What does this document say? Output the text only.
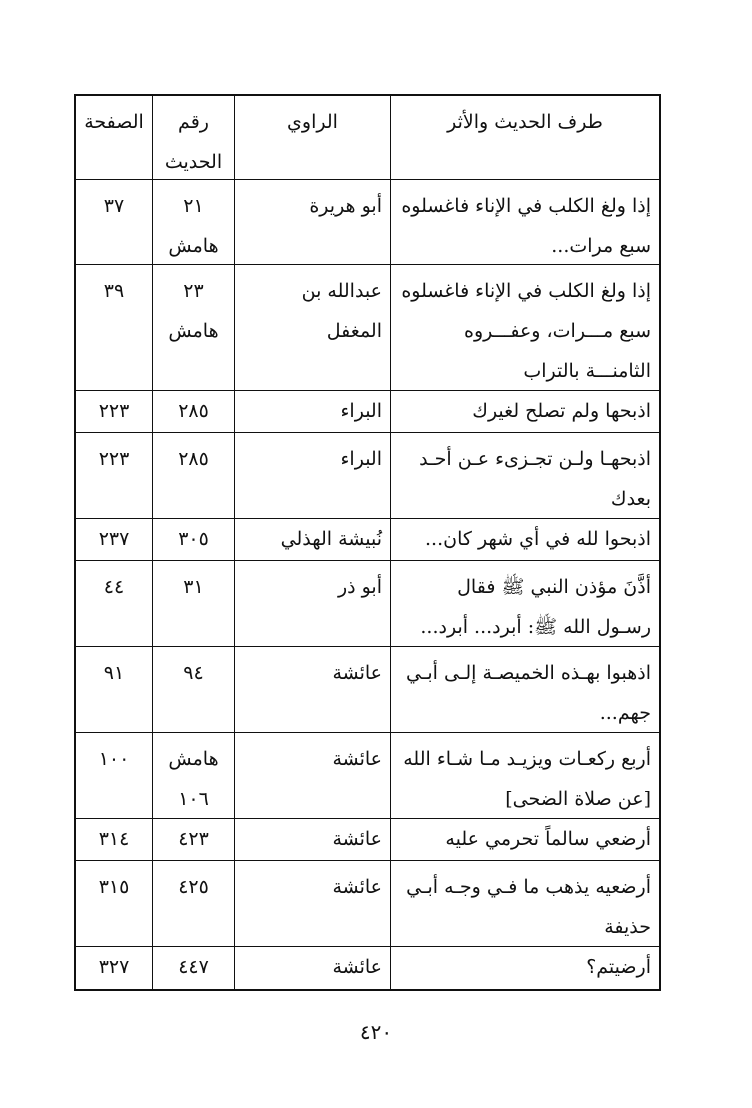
طرف الحديث والأثر
الراوي
رقم الحديث
الصفحة
إذا ولغ الكلب في الإناء فاغسلوه سبع مرات...
أبو هريرة
٢١ هامش
٣٧
إذا ولغ الكلب في الإناء فاغسلوه سبع مـــرات، وعفـــروه الثامنـــة بالتراب
عبدالله بن المغفل
٢٣ هامش
٣٩
اذبحها ولم تصلح لغيرك
البراء
٢٨٥
٢٢٣
اذبحهـا ولـن تجـزىء عـن أحـد بعدك
البراء
٢٨٥
٢٢٣
اذبحوا لله في أي شهر كان...
نُبيشة الهذلي
٣٠٥
٢٣٧
أذَّنَ مؤذن النبي ﷺ فقال رسـول الله ﷺ: أبرد... أبرد...
أبو ذر
٣١
٤٤
اذهبوا بهـذه الخميصـة إلـى أبـي جهم...
عائشة
٩٤
٩١
أربع ركعـات ويزيـد مـا شـاء الله [عن صلاة الضحى]
عائشة
هامش ١٠٦
١٠٠
أرضعي سالماً تحرمي عليه
عائشة
٤٢٣
٣١٤
أرضعيه يذهب ما فـي وجـه أبـي حذيفة
عائشة
٤٢٥
٣١٥
أرضيتم؟
عائشة
٤٤٧
٣٢٧
٤٢٠
